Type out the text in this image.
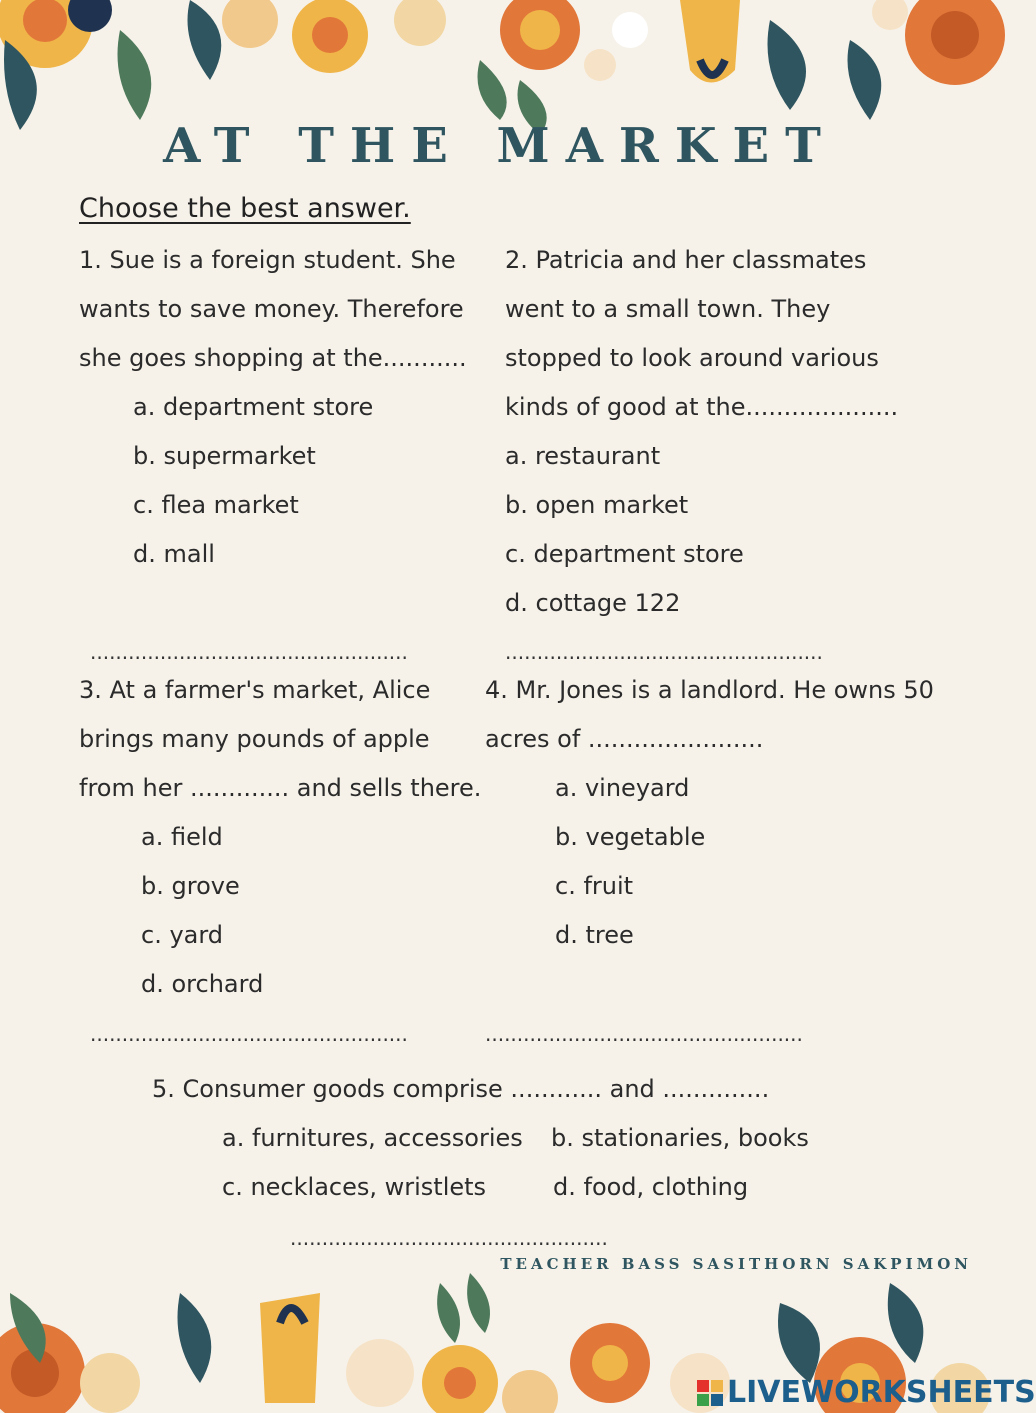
AT THE MARKET
Choose the best answer.
1. Sue is a foreign student. She
wants to save money. Therefore
she goes shopping at the...........
a. department store
b. supermarket
c. flea market
d. mall
..................................................
2. Patricia and her classmates
went to a small town. They
stopped to look around various
kinds of good at the....................
a. restaurant
b. open market
c. department store
d. cottage 122
..................................................
3. At a farmer's market, Alice
brings many pounds of apple
from her ............. and sells there.
a. field
b. grove
c. yard
d. orchard
..................................................
4. Mr. Jones is a landlord. He owns 50
acres of .......................
a. vineyard
b. vegetable
c. fruit
d. tree
..................................................
5. Consumer goods comprise ............ and ..............
a. furnitures, accessories b. stationaries, books
c. necklaces, wristlets	d. food, clothing
..................................................
TEACHER BASS SASITHORN SAKPIMON
LIVEWORKSHEETS
